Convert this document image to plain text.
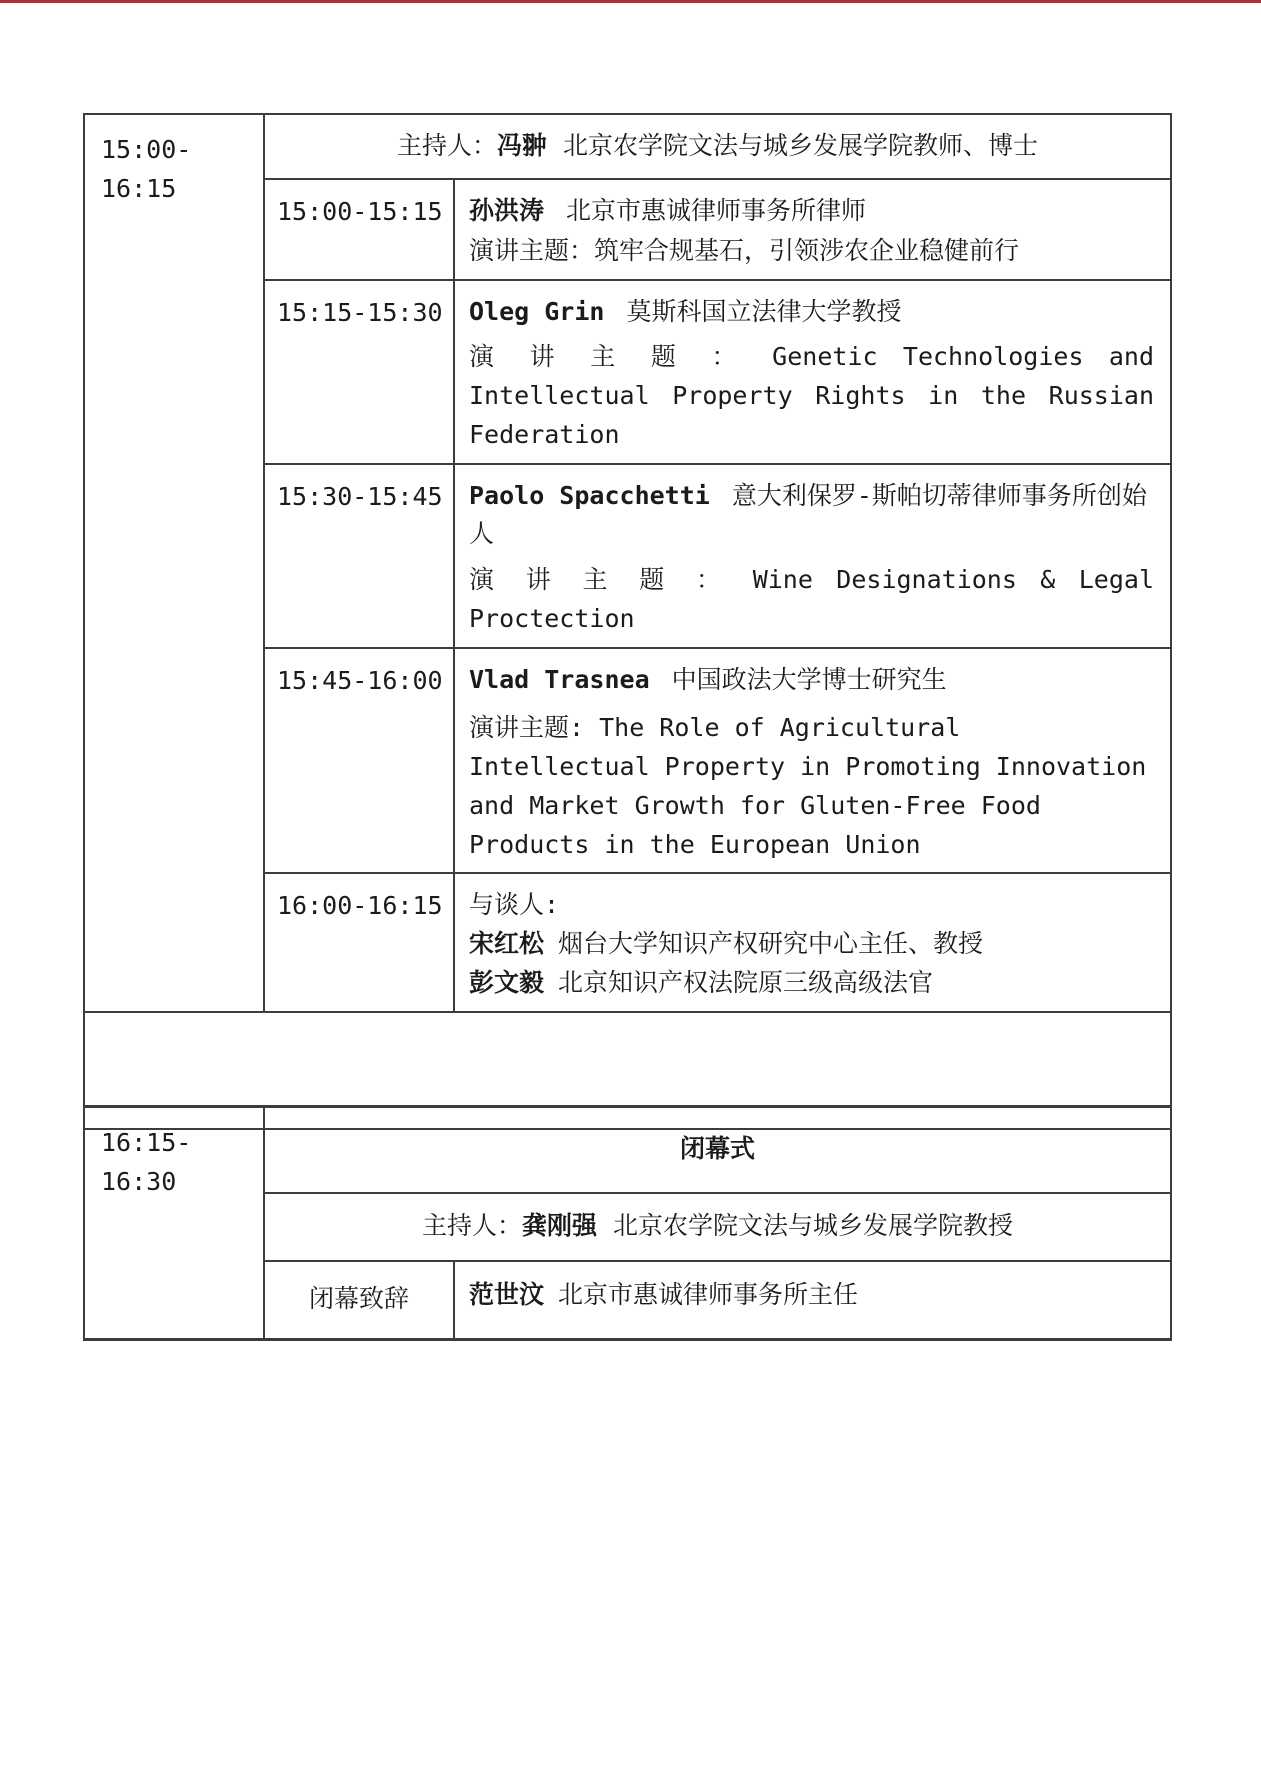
15:00-
16:15	主持人：冯翀 北京农学院文法与城乡发展学院教师、博士	
	15:00-15:15	孙洪涛 北京市惠诚律师事务所律师
演讲主题：筑牢合规基石，引领涉农企业稳健前行

	15:15-15:30	Oleg Grin 莫斯科国立法律大学教授
演 讲 主 题 ： Genetic Technologies and
Intellectual Property Rights in the Russian
Federation

	15:30-15:45	Paolo Spacchetti 意大利保罗-斯帕切蒂律师事务所创始人
演 讲 主 题 ： Wine Designations & Legal
Proctection

	15:45-16:00	Vlad Trasnea 中国政法大学博士研究生
演讲主题: The Role of Agricultural
Intellectual Property in Promoting Innovation
and Market Growth for Gluten-Free Food
Products in the European Union

	16:00-16:15	与谈人:
宋红松 烟台大学知识产权研究中心主任、教授
彭文毅 北京知识产权法院原三级高级法官

16:15-
16:30	闭幕式	
	主持人：龚刚强 北京农学院文法与城乡发展学院教授	
	闭幕致辞	范世汶 北京市惠诚律师事务所主任
